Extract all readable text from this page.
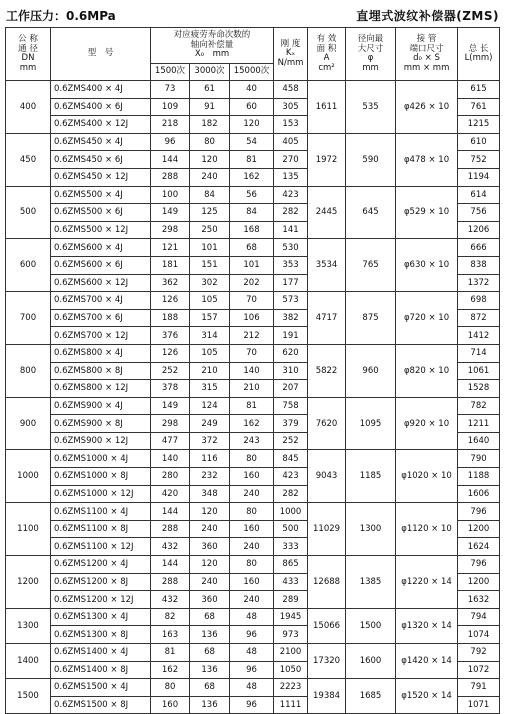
工作压力：0.6MPa	直埋式波纹补偿器(ZMS)
公 称
通 径
DN
mm	型　号	对应疲劳寿命次数的
轴向补偿量
X₀　mm			刚 度
Kₓ
N/mm	有 效
面 积
A
cm²	径向最
大尺寸
φ
mm	接 管
端口尺寸
d₀ × S
mm × mm	总 长
L(mm)
		1500次	3000次	15000次					
400	0.6ZMS400 × 4J	73	61	40	458	1611	535	φ426 × 10	615
	0.6ZMS400 × 6J	109	91	60	305				761
	0.6ZMS400 × 12J	218	182	120	153				1215
450	0.6ZMS450 × 4J	96	80	54	405	1972	590	φ478 × 10	610
	0.6ZMS450 × 6J	144	120	81	270				752
	0.6ZMS450 × 12J	288	240	162	135				1194
500	0.6ZMS500 × 4J	100	84	56	423	2445	645	φ529 × 10	614
	0.6ZMS500 × 6J	149	125	84	282				756
	0.6ZMS500 × 12J	298	250	168	141				1206
600	0.6ZMS600 × 4J	121	101	68	530	3534	765	φ630 × 10	666
	0.6ZMS600 × 6J	181	151	101	353				838
	0.6ZMS600 × 12J	362	302	202	177				1372
700	0.6ZMS700 × 4J	126	105	70	573	4717	875	φ720 × 10	698
	0.6ZMS700 × 6J	188	157	106	382				872
	0.6ZMS700 × 12J	376	314	212	191				1412
800	0.6ZMS800 × 4J	126	105	70	620	5822	960	φ820 × 10	714
	0.6ZMS800 × 8J	252	210	140	310				1061
	0.6ZMS800 × 12J	378	315	210	207				1528
900	0.6ZMS900 × 4J	149	124	81	758	7620	1095	φ920 × 10	782
	0.6ZMS900 × 8J	298	249	162	379				1211
	0.6ZMS900 × 12J	477	372	243	252				1640
1000	0.6ZMS1000 × 4J	140	116	80	845	9043	1185	φ1020 × 10	790
	0.6ZMS1000 × 8J	280	232	160	423				1188
	0.6ZMS1000 × 12J	420	348	240	282				1606
1100	0.6ZMS1100 × 4J	144	120	80	1000	11029	1300	φ1120 × 10	796
	0.6ZMS1100 × 8J	288	240	160	500				1200
	0.6ZMS1100 × 12J	432	360	240	333				1624
1200	0.6ZMS1200 × 4J	144	120	80	865	12688	1385	φ1220 × 14	796
	0.6ZMS1200 × 8J	288	240	160	433				1200
	0.6ZMS1200 × 12J	432	360	240	289				1632
1300	0.6ZMS1300 × 4J	82	68	48	1945	15066	1500	φ1320 × 14	794
	0.6ZMS1300 × 8J	163	136	96	973				1074
1400	0.6ZMS1400 × 4J	81	68	48	2100	17320	1600	φ1420 × 14	792
	0.6ZMS1400 × 8J	162	136	96	1050				1072
1500	0.6ZMS1500 × 4J	80	68	48	2223	19384	1685	φ1520 × 14	791
	0.6ZMS1500 × 8J	160	136	96	1111				1071
